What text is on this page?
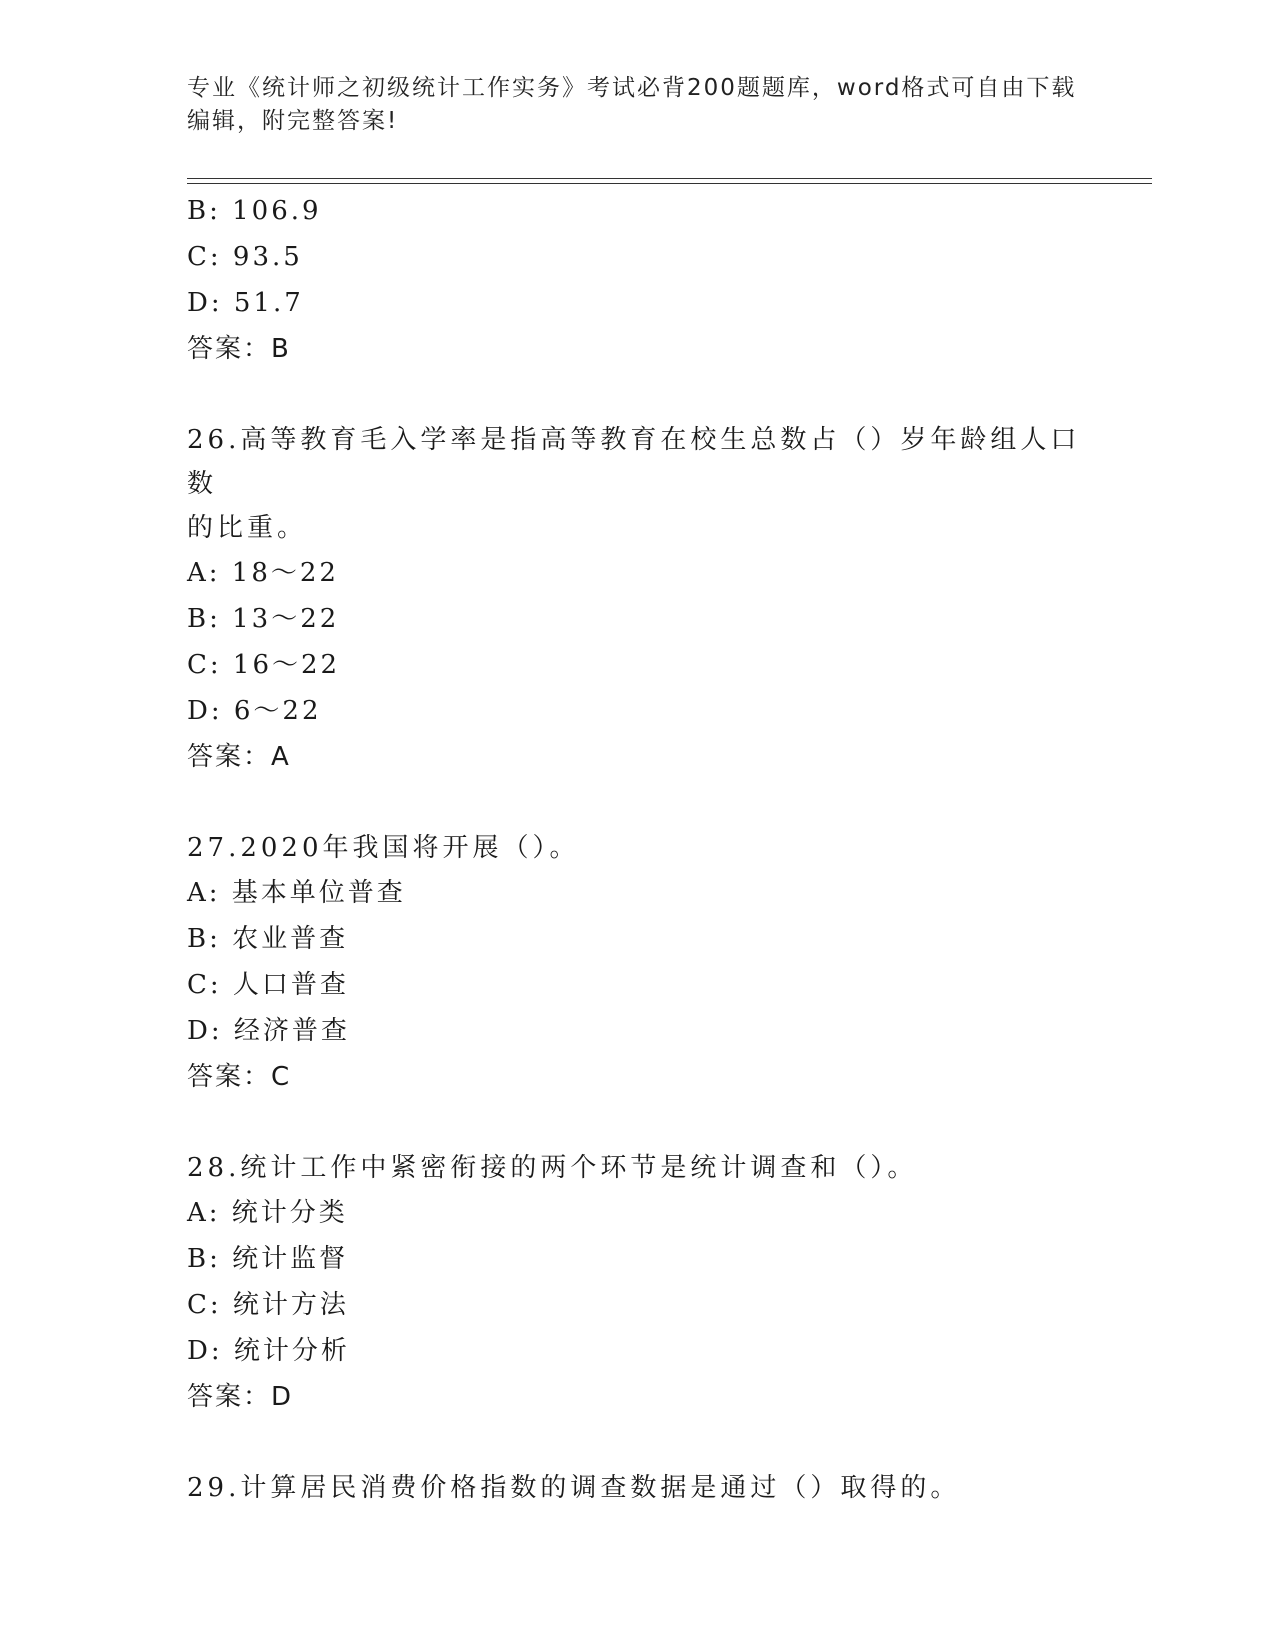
专业《统计师之初级统计工作实务》考试必背200题题库，word格式可自由下载
编辑，附完整答案!
B: 106.9
C: 93.5
D: 51.7
答案：B
26.高等教育毛入学率是指高等教育在校生总数占（）岁年龄组人口数
的比重。
A: 18～22
B: 13～22
C: 16～22
D: 6～22
答案：A
27.2020年我国将开展（）。
A: 基本单位普查
B: 农业普查
C: 人口普查
D: 经济普查
答案：C
28.统计工作中紧密衔接的两个环节是统计调查和（）。
A: 统计分类
B: 统计监督
C: 统计方法
D: 统计分析
答案：D
29.计算居民消费价格指数的调查数据是通过（）取得的。
